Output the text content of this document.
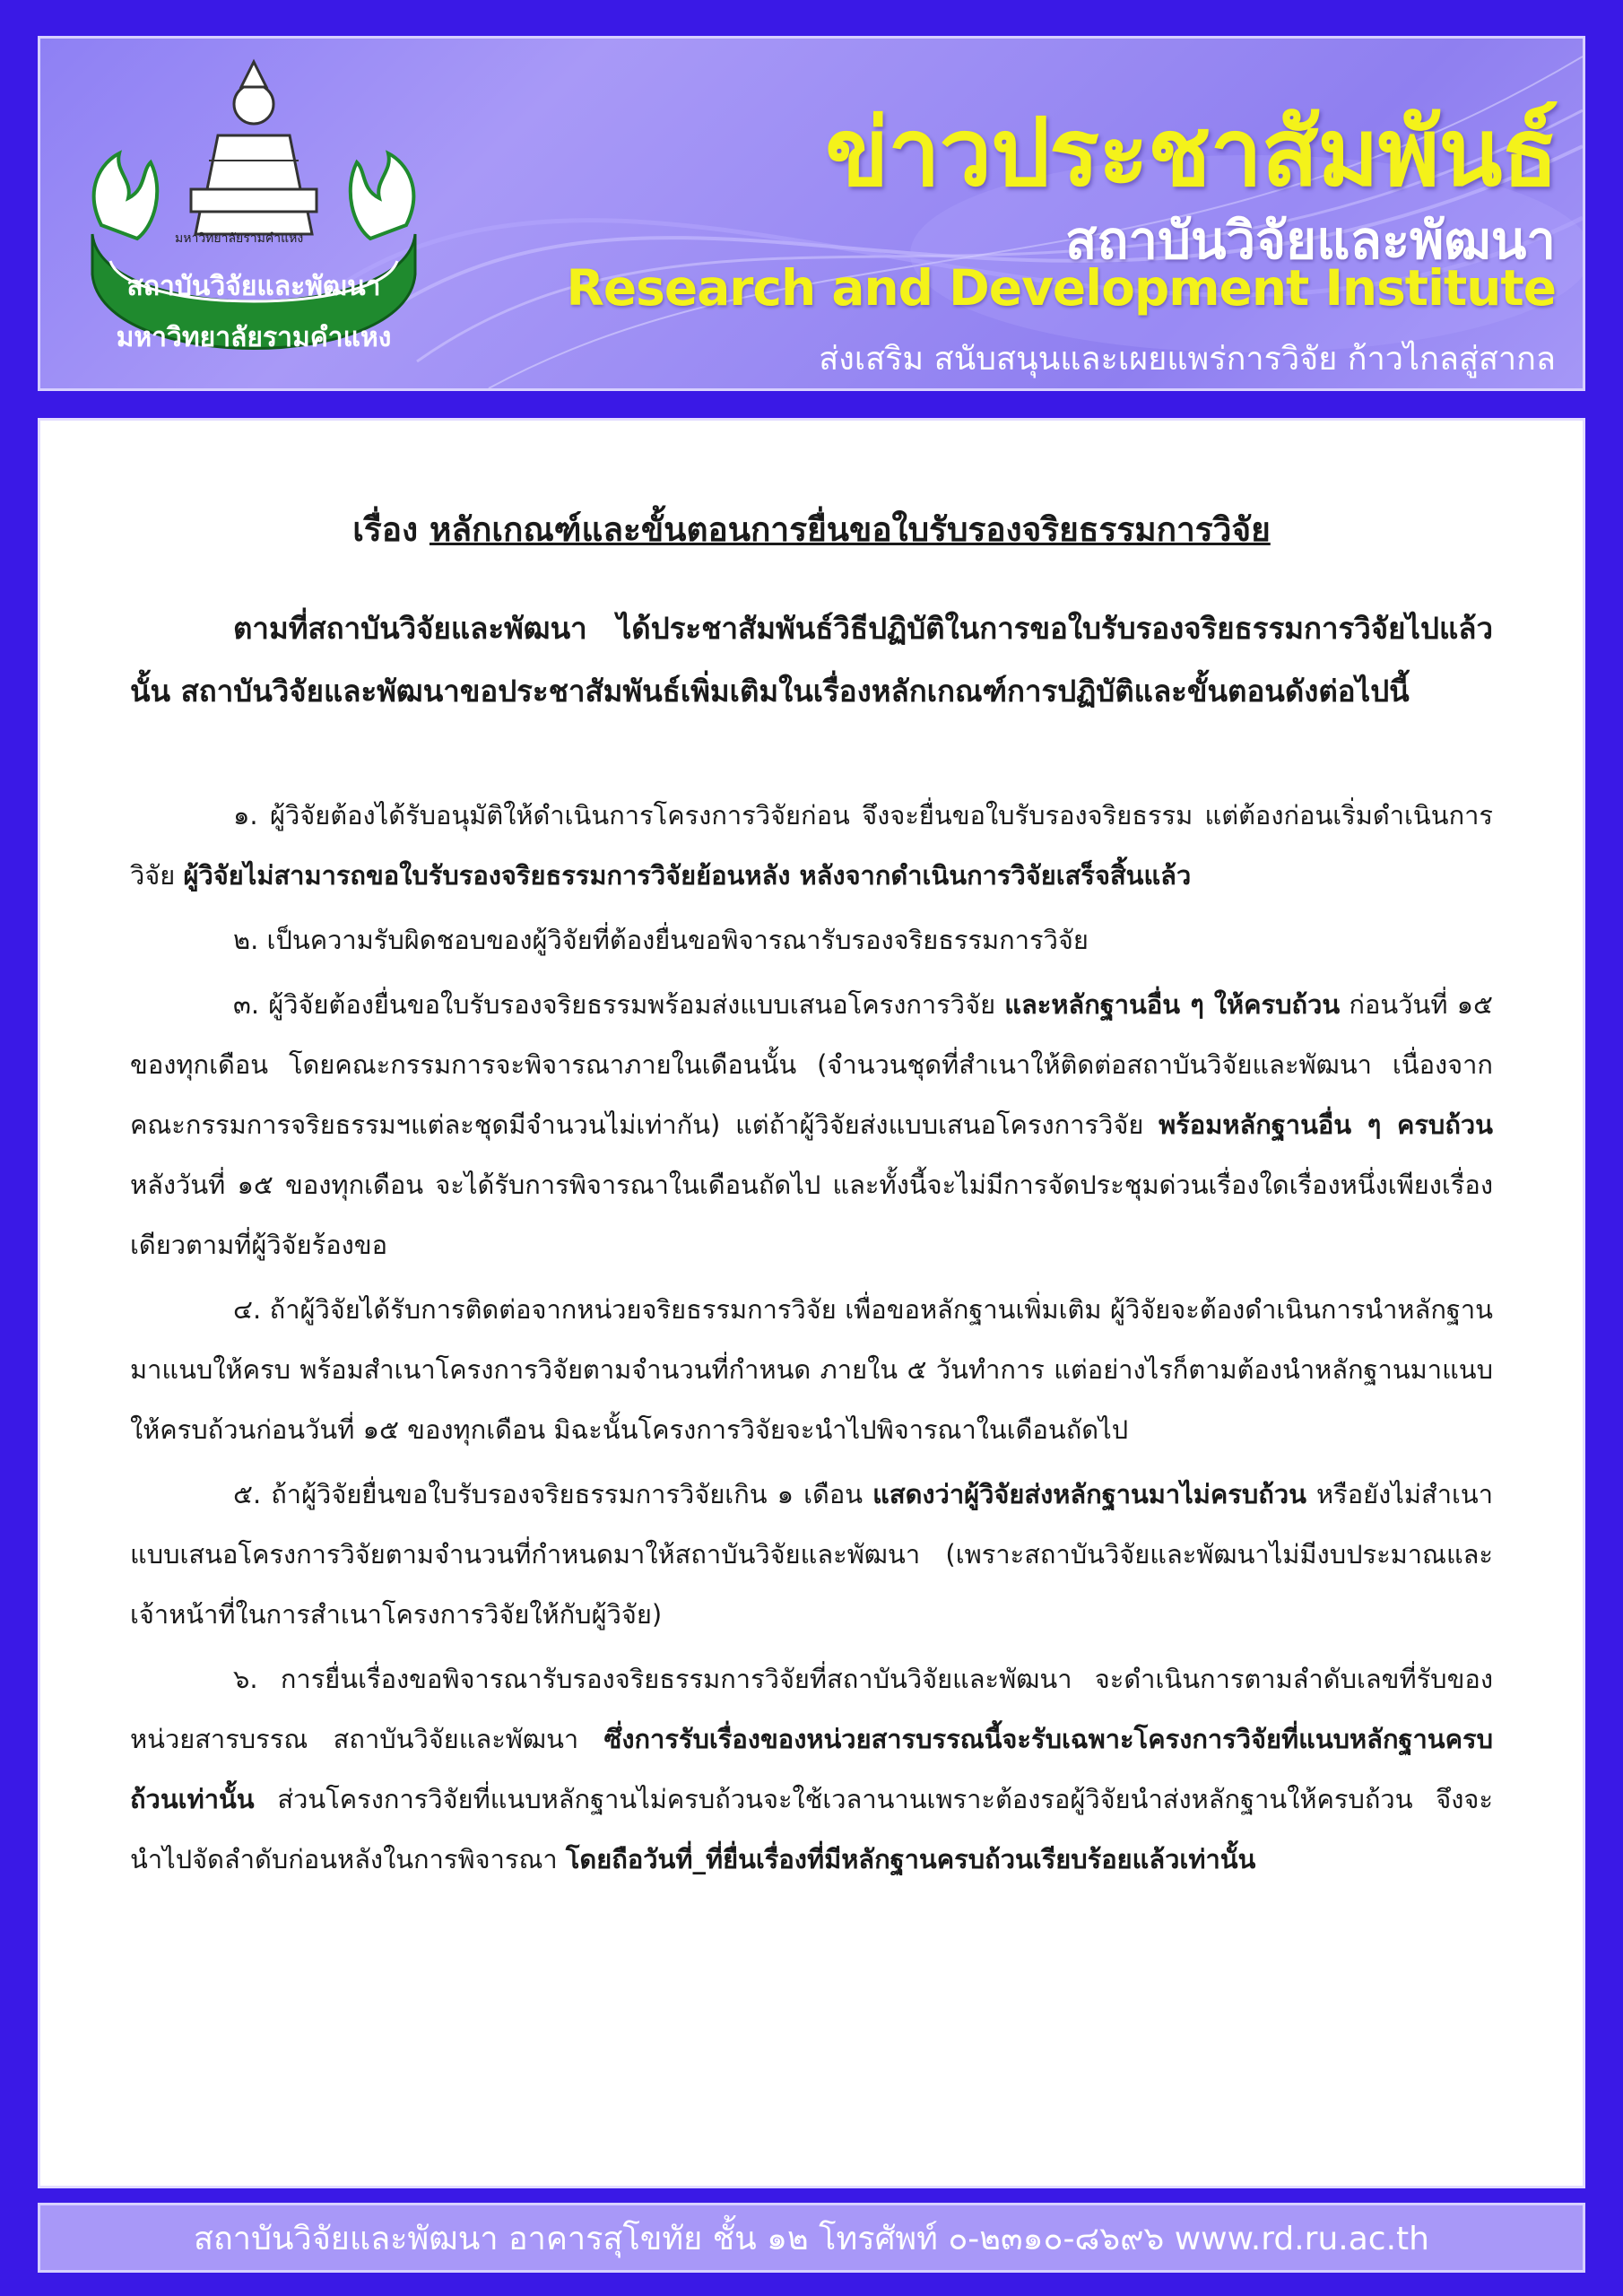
สถาบันวิจัยและพัฒนา
มหาวิทยาลัยรามคำแหง
มหาวิทยาลัยรามคำแหง
ข่าวประชาสัมพันธ์
สถาบันวิจัยและพัฒนา
Research and Development Institute
ส่งเสริม สนับสนุนและเผยแพร่การวิจัย ก้าวไกลสู่สากล
เรื่อง หลักเกณฑ์และขั้นตอนการยื่นขอใบรับรองจริยธรรมการวิจัย

ตามที่สถาบันวิจัยและพัฒนา ได้ประชาสัมพันธ์วิธีปฏิบัติในการขอใบรับรองจริยธรรมการวิจัยไปแล้วนั้น สถาบันวิจัยและพัฒนาขอประชาสัมพันธ์เพิ่มเติมในเรื่องหลักเกณฑ์การปฏิบัติและขั้นตอนดังต่อไปนี้

๑. ผู้วิจัยต้องได้รับอนุมัติให้ดำเนินการโครงการวิจัยก่อน จึงจะยื่นขอใบรับรองจริยธรรม แต่ต้องก่อนเริ่มดำเนินการวิจัย ผู้วิจัยไม่สามารถขอใบรับรองจริยธรรมการวิจัยย้อนหลัง หลังจากดำเนินการวิจัยเสร็จสิ้นแล้ว

๒. เป็นความรับผิดชอบของผู้วิจัยที่ต้องยื่นขอพิจารณารับรองจริยธรรมการวิจัย

๓. ผู้วิจัยต้องยื่นขอใบรับรองจริยธรรมพร้อมส่งแบบเสนอโครงการวิจัย และหลักฐานอื่น ๆ ให้ครบถ้วน ก่อนวันที่ ๑๕ ของทุกเดือน โดยคณะกรรมการจะพิจารณาภายในเดือนนั้น (จำนวนชุดที่สำเนาให้ติดต่อสถาบันวิจัยและพัฒนา เนื่องจากคณะกรรมการจริยธรรมฯแต่ละชุดมีจำนวนไม่เท่ากัน) แต่ถ้าผู้วิจัยส่งแบบเสนอโครงการวิจัย พร้อมหลักฐานอื่น ๆ ครบถ้วน หลังวันที่ ๑๕ ของทุกเดือน จะได้รับการพิจารณาในเดือนถัดไป และทั้งนี้จะไม่มีการจัดประชุมด่วนเรื่องใดเรื่องหนึ่งเพียงเรื่องเดียวตามที่ผู้วิจัยร้องขอ

๔. ถ้าผู้วิจัยได้รับการติดต่อจากหน่วยจริยธรรมการวิจัย เพื่อขอหลักฐานเพิ่มเติม ผู้วิจัยจะต้องดำเนินการนำหลักฐานมาแนบให้ครบ พร้อมสำเนาโครงการวิจัยตามจำนวนที่กำหนด ภายใน ๕ วันทำการ แต่อย่างไรก็ตามต้องนำหลักฐานมาแนบให้ครบถ้วนก่อนวันที่ ๑๕ ของทุกเดือน มิฉะนั้นโครงการวิจัยจะนำไปพิจารณาในเดือนถัดไป

๕. ถ้าผู้วิจัยยื่นขอใบรับรองจริยธรรมการวิจัยเกิน ๑ เดือน แสดงว่าผู้วิจัยส่งหลักฐานมาไม่ครบถ้วน หรือยังไม่สำเนาแบบเสนอโครงการวิจัยตามจำนวนที่กำหนดมาให้สถาบันวิจัยและพัฒนา (เพราะสถาบันวิจัยและพัฒนาไม่มีงบประมาณและเจ้าหน้าที่ในการสำเนาโครงการวิจัยให้กับผู้วิจัย)

๖. การยื่นเรื่องขอพิจารณารับรองจริยธรรมการวิจัยที่สถาบันวิจัยและพัฒนา จะดำเนินการตามลำดับเลขที่รับของหน่วยสารบรรณ สถาบันวิจัยและพัฒนา ซึ่งการรับเรื่องของหน่วยสารบรรณนี้จะรับเฉพาะโครงการวิจัยที่แนบหลักฐานครบถ้วนเท่านั้น ส่วนโครงการวิจัยที่แนบหลักฐานไม่ครบถ้วนจะใช้เวลานานเพราะต้องรอผู้วิจัยนำส่งหลักฐานให้ครบถ้วน จึงจะนำไปจัดลำดับก่อนหลังในการพิจารณา โดยถือวันที่_ที่ยื่นเรื่องที่มีหลักฐานครบถ้วนเรียบร้อยแล้วเท่านั้น

สถาบันวิจัยและพัฒนา อาคารสุโขทัย ชั้น ๑๒ โทรศัพท์ ๐-๒๓๑๐-๘๖๙๖ www.rd.ru.ac.th
